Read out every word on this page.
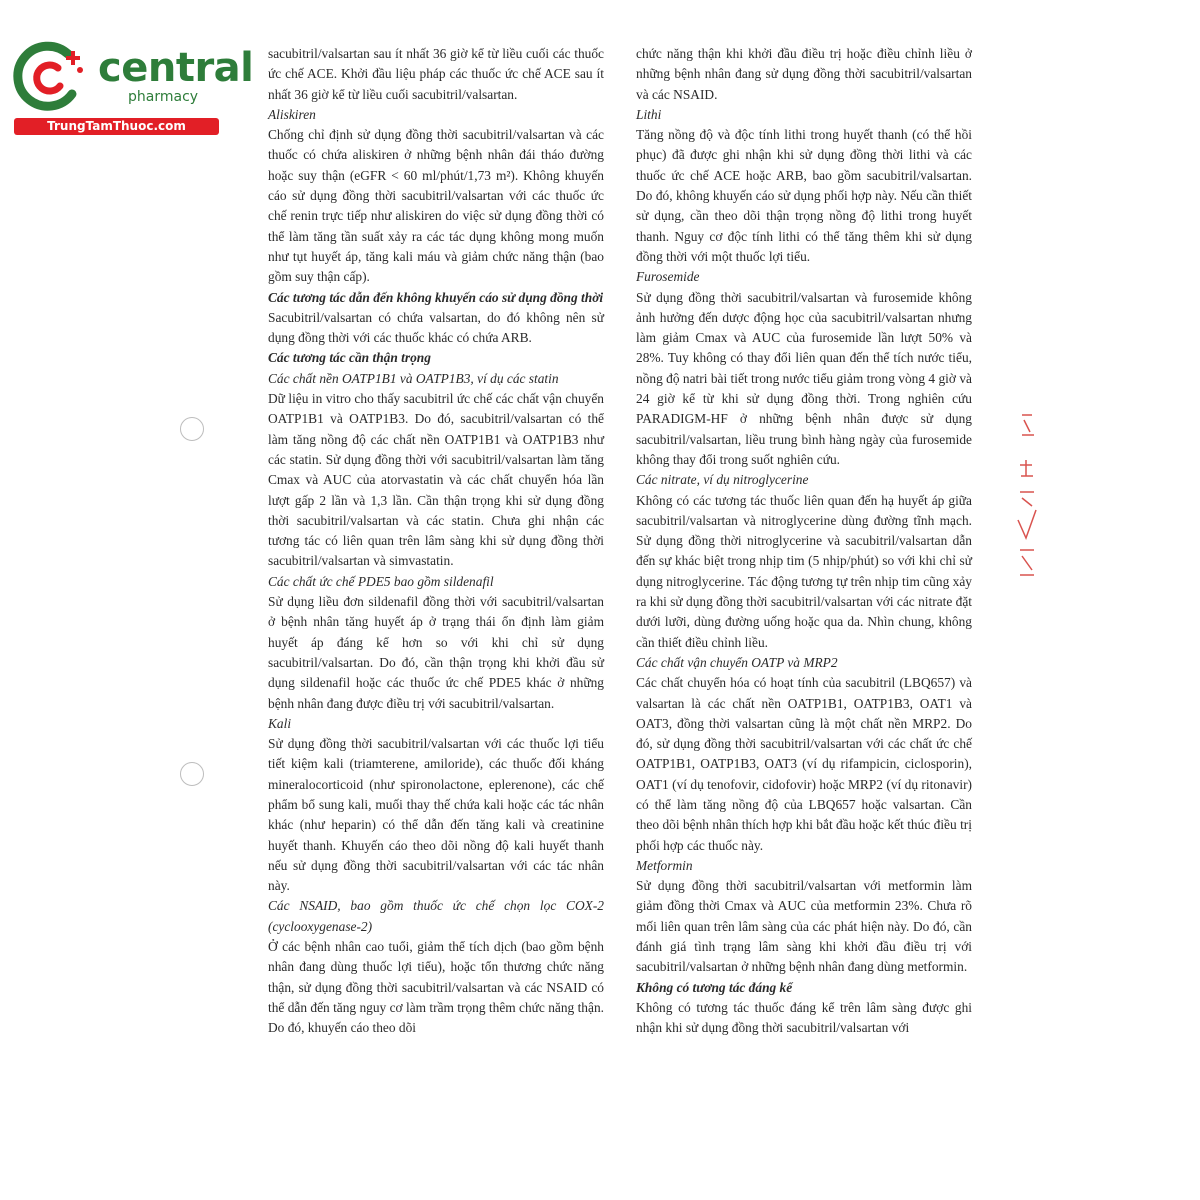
central
pharmacy
TrungTamThuoc.com

sacubitril/valsartan sau ít nhất 36 giờ kể từ liều cuối các thuốc ức chế ACE. Khởi đầu liệu pháp các thuốc ức chế ACE sau ít nhất 36 giờ kể từ liều cuối sacubitril/valsartan.

Aliskiren

Chống chỉ định sử dụng đồng thời sacubitril/valsartan và các thuốc có chứa aliskiren ở những bệnh nhân đái tháo đường hoặc suy thận (eGFR < 60 ml/phút/1,73 m²). Không khuyến cáo sử dụng đồng thời sacubitril/valsartan với các thuốc ức chế renin trực tiếp như aliskiren do việc sử dụng đồng thời có thể làm tăng tần suất xảy ra các tác dụng không mong muốn như tụt huyết áp, tăng kali máu và giảm chức năng thận (bao gồm suy thận cấp).

Các tương tác dẫn đến không khuyến cáo sử dụng đồng thời

Sacubitril/valsartan có chứa valsartan, do đó không nên sử dụng đồng thời với các thuốc khác có chứa ARB.

Các tương tác cần thận trọng

Các chất nền OATP1B1 và OATP1B3, ví dụ các statin

Dữ liệu in vitro cho thấy sacubitril ức chế các chất vận chuyển OATP1B1 và OATP1B3. Do đó, sacubitril/valsartan có thể làm tăng nồng độ các chất nền OATP1B1 và OATP1B3 như các statin. Sử dụng đồng thời với sacubitril/valsartan làm tăng Cmax và AUC của atorvastatin và các chất chuyển hóa lần lượt gấp 2 lần và 1,3 lần. Cần thận trọng khi sử dụng đồng thời sacubitril/valsartan và các statin. Chưa ghi nhận các tương tác có liên quan trên lâm sàng khi sử dụng đồng thời sacubitril/valsartan và simvastatin.

Các chất ức chế PDE5 bao gồm sildenafil

Sử dụng liều đơn sildenafil đồng thời với sacubitril/valsartan ở bệnh nhân tăng huyết áp ở trạng thái ổn định làm giảm huyết áp đáng kể hơn so với khi chỉ sử dụng sacubitril/valsartan. Do đó, cần thận trọng khi khởi đầu sử dụng sildenafil hoặc các thuốc ức chế PDE5 khác ở những bệnh nhân đang được điều trị với sacubitril/valsartan.

Kali

Sử dụng đồng thời sacubitril/valsartan với các thuốc lợi tiểu tiết kiệm kali (triamterene, amiloride), các thuốc đối kháng mineralocorticoid (như spironolactone, eplerenone), các chế phẩm bổ sung kali, muối thay thế chứa kali hoặc các tác nhân khác (như heparin) có thể dẫn đến tăng kali và creatinine huyết thanh. Khuyến cáo theo dõi nồng độ kali huyết thanh nếu sử dụng đồng thời sacubitril/valsartan với các tác nhân này.

Các NSAID, bao gồm thuốc ức chế chọn lọc COX-2 (cyclooxygenase-2)

Ở các bệnh nhân cao tuổi, giảm thể tích dịch (bao gồm bệnh nhân đang dùng thuốc lợi tiểu), hoặc tổn thương chức năng thận, sử dụng đồng thời sacubitril/valsartan và các NSAID có thể dẫn đến tăng nguy cơ làm trầm trọng thêm chức năng thận. Do đó, khuyến cáo theo dõi

chức năng thận khi khởi đầu điều trị hoặc điều chỉnh liều ở những bệnh nhân đang sử dụng đồng thời sacubitril/valsartan và các NSAID.

Lithi

Tăng nồng độ và độc tính lithi trong huyết thanh (có thể hồi phục) đã được ghi nhận khi sử dụng đồng thời lithi và các thuốc ức chế ACE hoặc ARB, bao gồm sacubitril/valsartan. Do đó, không khuyến cáo sử dụng phối hợp này. Nếu cần thiết sử dụng, cần theo dõi thận trọng nồng độ lithi trong huyết thanh. Nguy cơ độc tính lithi có thể tăng thêm khi sử dụng đồng thời với một thuốc lợi tiểu.

Furosemide

Sử dụng đồng thời sacubitril/valsartan và furosemide không ảnh hưởng đến dược động học của sacubitril/valsartan nhưng làm giảm Cmax và AUC của furosemide lần lượt 50% và 28%. Tuy không có thay đổi liên quan đến thể tích nước tiểu, nồng độ natri bài tiết trong nước tiểu giảm trong vòng 4 giờ và 24 giờ kể từ khi sử dụng đồng thời. Trong nghiên cứu PARADIGM-HF ở những bệnh nhân được sử dụng sacubitril/valsartan, liều trung bình hàng ngày của furosemide không thay đổi trong suốt nghiên cứu.

Các nitrate, ví dụ nitroglycerine

Không có các tương tác thuốc liên quan đến hạ huyết áp giữa sacubitril/valsartan và nitroglycerine dùng đường tĩnh mạch. Sử dụng đồng thời nitroglycerine và sacubitril/valsartan dẫn đến sự khác biệt trong nhịp tim (5 nhịp/phút) so với khi chỉ sử dụng nitroglycerine. Tác động tương tự trên nhịp tim cũng xảy ra khi sử dụng đồng thời sacubitril/valsartan với các nitrate đặt dưới lưỡi, dùng đường uống hoặc qua da. Nhìn chung, không cần thiết điều chỉnh liều.

Các chất vận chuyển OATP và MRP2

Các chất chuyển hóa có hoạt tính của sacubitril (LBQ657) và valsartan là các chất nền OATP1B1, OATP1B3, OAT1 và OAT3, đồng thời valsartan cũng là một chất nền MRP2. Do đó, sử dụng đồng thời sacubitril/valsartan với các chất ức chế OATP1B1, OATP1B3, OAT3 (ví dụ rifampicin, ciclosporin), OAT1 (ví dụ tenofovir, cidofovir) hoặc MRP2 (ví dụ ritonavir) có thể làm tăng nồng độ của LBQ657 hoặc valsartan. Cần theo dõi bệnh nhân thích hợp khi bắt đầu hoặc kết thúc điều trị phối hợp các thuốc này.

Metformin

Sử dụng đồng thời sacubitril/valsartan với metformin làm giảm đồng thời Cmax và AUC của metformin 23%. Chưa rõ mối liên quan trên lâm sàng của các phát hiện này. Do đó, cần đánh giá tình trạng lâm sàng khi khởi đầu điều trị với sacubitril/valsartan ở những bệnh nhân đang dùng metformin.

Không có tương tác đáng kể

Không có tương tác thuốc đáng kể trên lâm sàng được ghi nhận khi sử dụng đồng thời sacubitril/valsartan với
